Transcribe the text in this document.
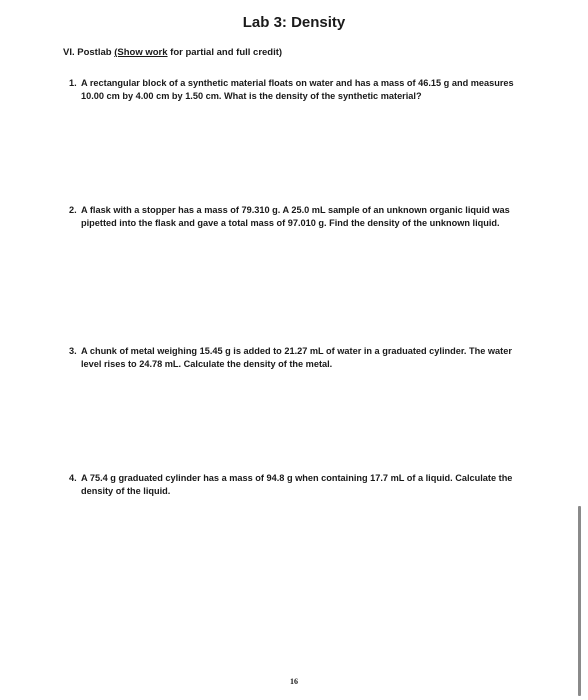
Lab 3: Density
VI. Postlab (Show work for partial and full credit)
1. A rectangular block of a synthetic material floats on water and has a mass of 46.15 g and measures 10.00 cm by 4.00 cm by 1.50 cm. What is the density of the synthetic material?
2. A flask with a stopper has a mass of 79.310 g. A 25.0 mL sample of an unknown organic liquid was pipetted into the flask and gave a total mass of 97.010 g. Find the density of the unknown liquid.
3. A chunk of metal weighing 15.45 g is added to 21.27 mL of water in a graduated cylinder. The water level rises to 24.78 mL. Calculate the density of the metal.
4. A 75.4 g graduated cylinder has a mass of 94.8 g when containing 17.7 mL of a liquid. Calculate the density of the liquid.
16
